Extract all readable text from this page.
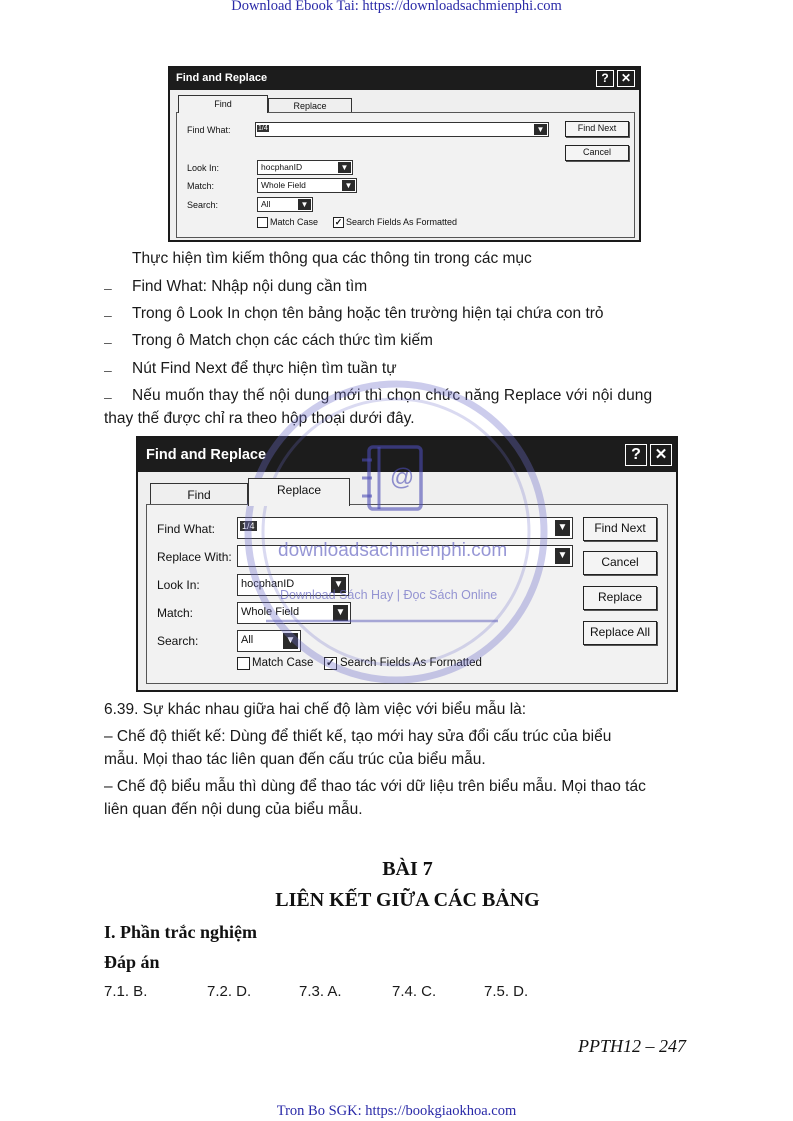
Download Ebook Tai: https://downloadsachmienphi.com
Find and Replace	?	✕
Find	Replace
Find What:	1/4	▼	Find Next
Cancel
Look In:	hocphanID	▼
Match:	Whole Field	▼
Search:	All	▼
Match Case ✓ Search Fields As Formatted
Thực hiện tìm kiếm thông qua các thông tin trong các mục
– Find What: Nhập nội dung cần tìm
– Trong ô Look In chọn tên bảng hoặc tên trường hiện tại chứa con trỏ
– Trong ô Match chọn các cách thức tìm kiếm
– Nút Find Next để thực hiện tìm tuần tự
– Nếu muốn thay thế nội dung mới thì chọn chức năng Replace với nội dung
thay thế được chỉ ra theo hộp thoại dưới đây.
Find and Replace	? ✕
Find	Replace
Find What:	1/4	▼
Replace With:	▼
Look In:	hocphanID	▼
Match:	Whole Field	▼
Search:	All	▼
Match Case ✓ Search Fields As Formatted
Find Next
Cancel
Replace
Replace All
@
downloadsachmienphi.com
Download Sách Hay | Đọc Sách Online
6.39. Sự khác nhau giữa hai chế độ làm việc với biểu mẫu là:
– Chế độ thiết kế: Dùng để thiết kế, tạo mới hay sửa đổi cấu trúc của biểu
mẫu. Mọi thao tác liên quan đến cấu trúc của biểu mẫu.
– Chế độ biểu mẫu thì dùng để thao tác với dữ liệu trên biểu mẫu. Mọi thao tác
liên quan đến nội dung của biểu mẫu.
BÀI 7
LIÊN KẾT GIỮA CÁC BẢNG
I. Phần trắc nghiệm
Đáp án
7.1. B.	7.2. D.	7.3. A.	7.4. C.	7.5. D.
PPTH12 – 247
Tron Bo SGK: https://bookgiaokhoa.com
